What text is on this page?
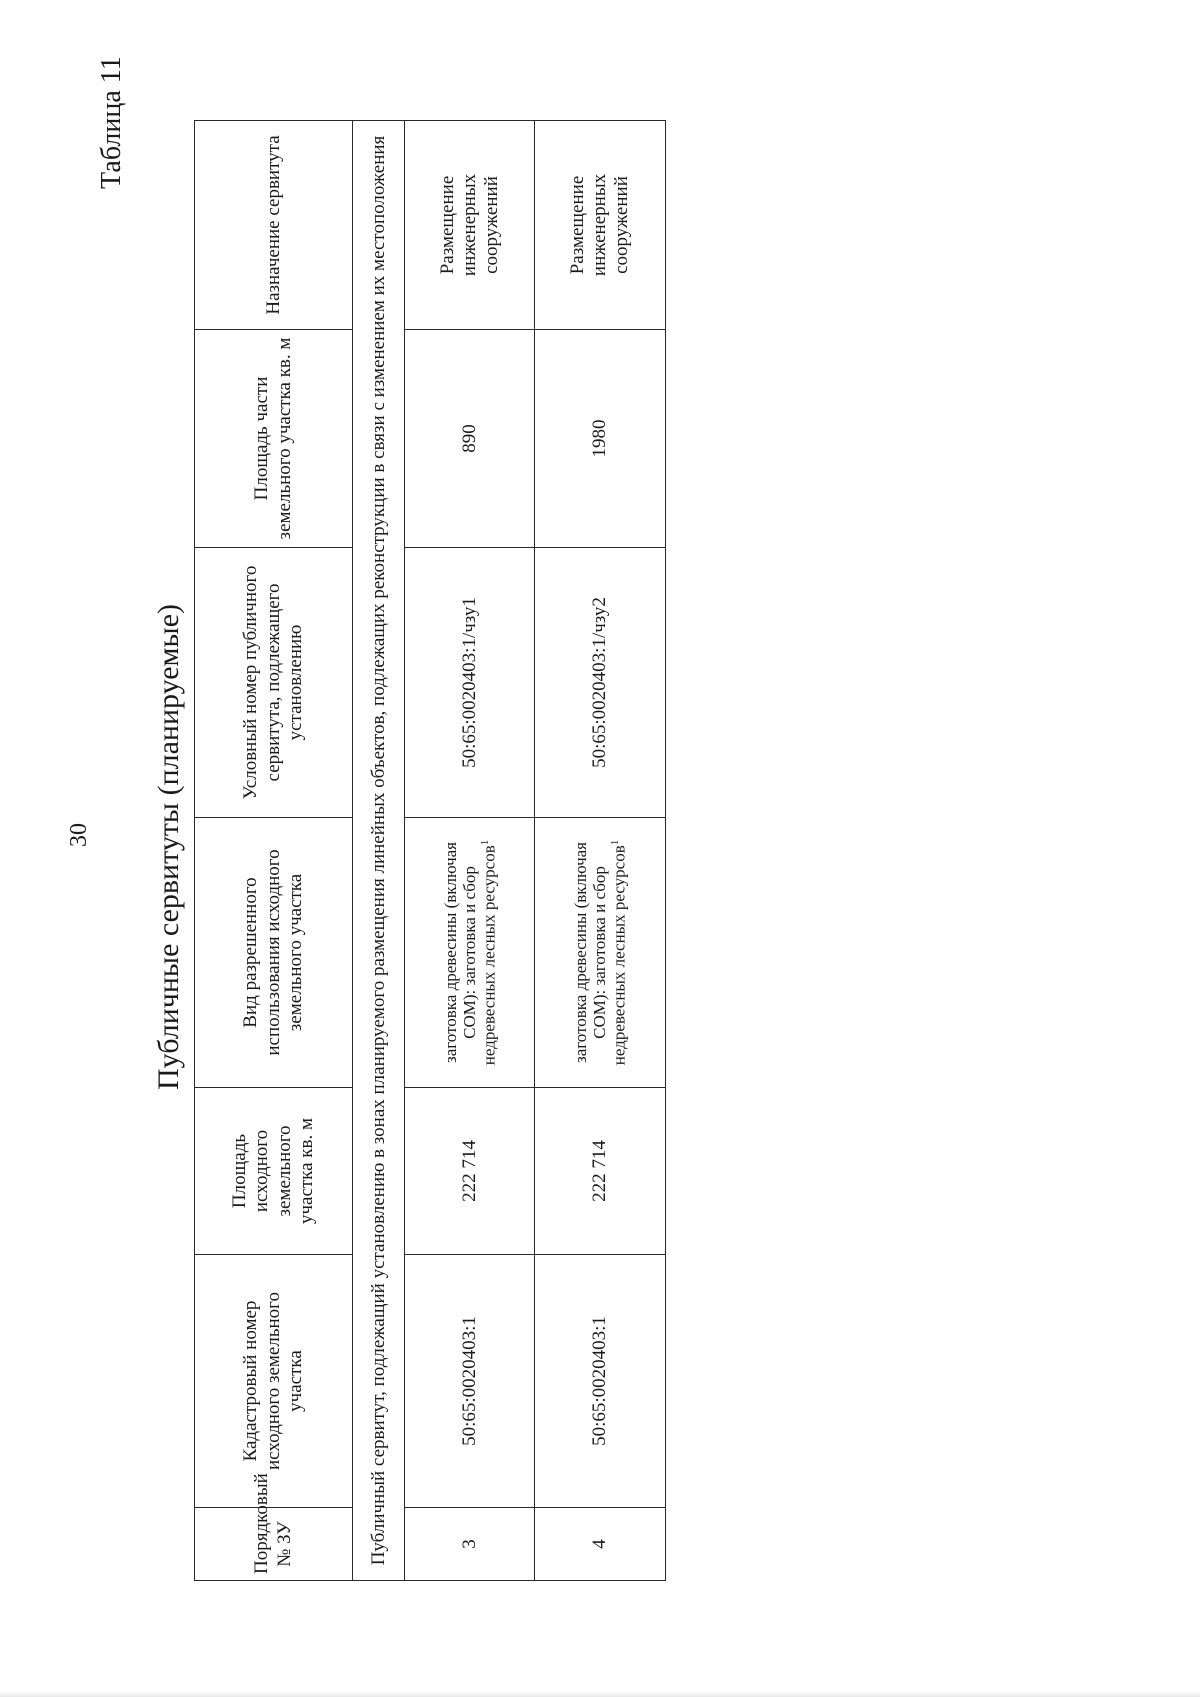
30
Таблица 11
Публичные сервитуты (планируемые)
Порядковый № ЗУ	Кадастровый номер исходного земельного участка	Площадь исходного земельного участка кв. м	Вид разрешенного использования исходного земельного участка	Условный номер публичного сервитута, подлежащего установлению	Площадь части земельного участка кв. м	Назначение сервитута
Публичный сервитут, подлежащий установлению в зонах планируемого размещения линейных объектов, подлежащих реконструкции в связи с изменением их местоположения						
3	50:65:0020403:1	222 714	заготовка древесины (включая СОМ): заготовка и сбор недревесных лесных ресурсов$^1$	50:65:0020403:1/чзу1	890	Размещение инженерных сооружений
4	50:65:0020403:1	222 714	заготовка древесины (включая СОМ): заготовка и сбор недревесных лесных ресурсов$^1$	50:65:0020403:1/чзу2	1980	Размещение инженерных сооружений
